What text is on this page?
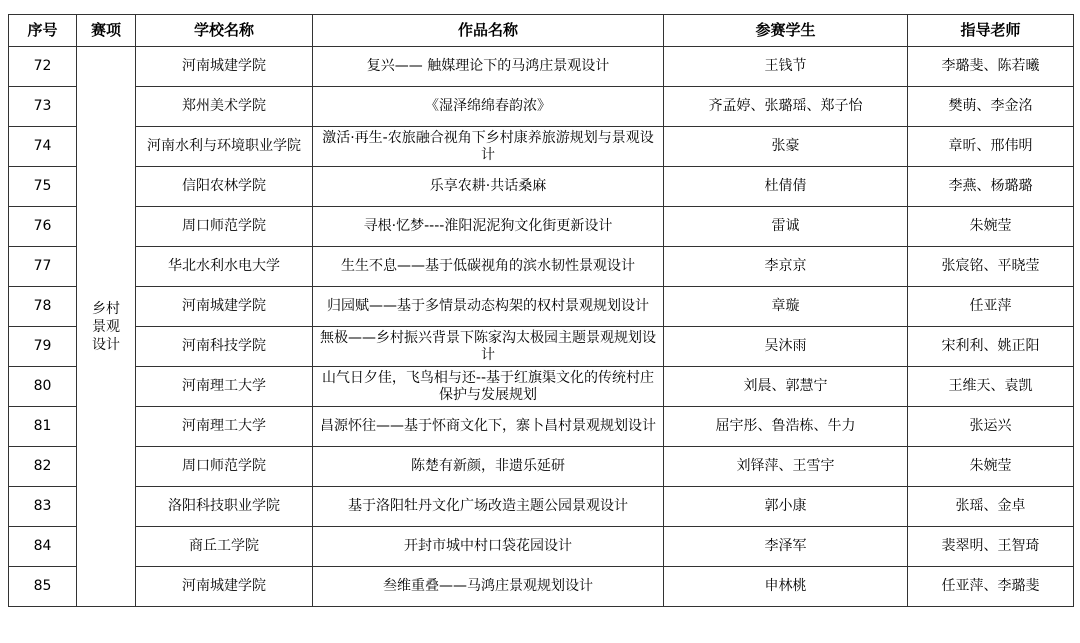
序号	赛项	学校名称	作品名称	参赛学生	指导老师
72	乡村景观设计	河南城建学院	复兴—— 触媒理论下的马鸿庄景观设计	王钱节	李璐斐、陈若曦
73		郑州美术学院	《湿泽绵绵春韵浓》	齐孟婷、张璐瑶、郑子怡	樊萌、李金洺
74		河南水利与环境职业学院	激活·再生-农旅融合视角下乡村康养旅游规划与景观设计	张豪	章昕、邢伟明
75		信阳农林学院	乐享农耕·共话桑麻	杜倩倩	李燕、杨璐璐
76		周口师范学院	寻根·忆梦----淮阳泥泥狗文化街更新设计	雷诚	朱婉莹
77		华北水利水电大学	生生不息——基于低碳视角的滨水韧性景观设计	李京京	张宸铭、平晓莹
78		河南城建学院	归园赋——基于多情景动态构架的权村景观规划设计	章璇	任亚萍
79		河南科技学院	無极——乡村振兴背景下陈家沟太极园主题景观规划设计	吴沐雨	宋利利、姚正阳
80		河南理工大学	山气日夕佳，飞鸟相与还--基于红旗渠文化的传统村庄保护与发展规划	刘晨、郭慧宁	王维天、袁凯
81		河南理工大学	昌源怀往——基于怀商文化下，寨卜昌村景观规划设计	屈宇彤、鲁浩栋、牛力	张运兴
82		周口师范学院	陈楚有新颜，非遗乐延研	刘铎萍、王雪宇	朱婉莹
83		洛阳科技职业学院	基于洛阳牡丹文化广场改造主题公园景观设计	郭小康	张瑶、金卓
84		商丘工学院	开封市城中村口袋花园设计	李泽军	裴翠明、王智琦
85		河南城建学院	叁维重叠——马鸿庄景观规划设计	申林桃	任亚萍、李璐斐
